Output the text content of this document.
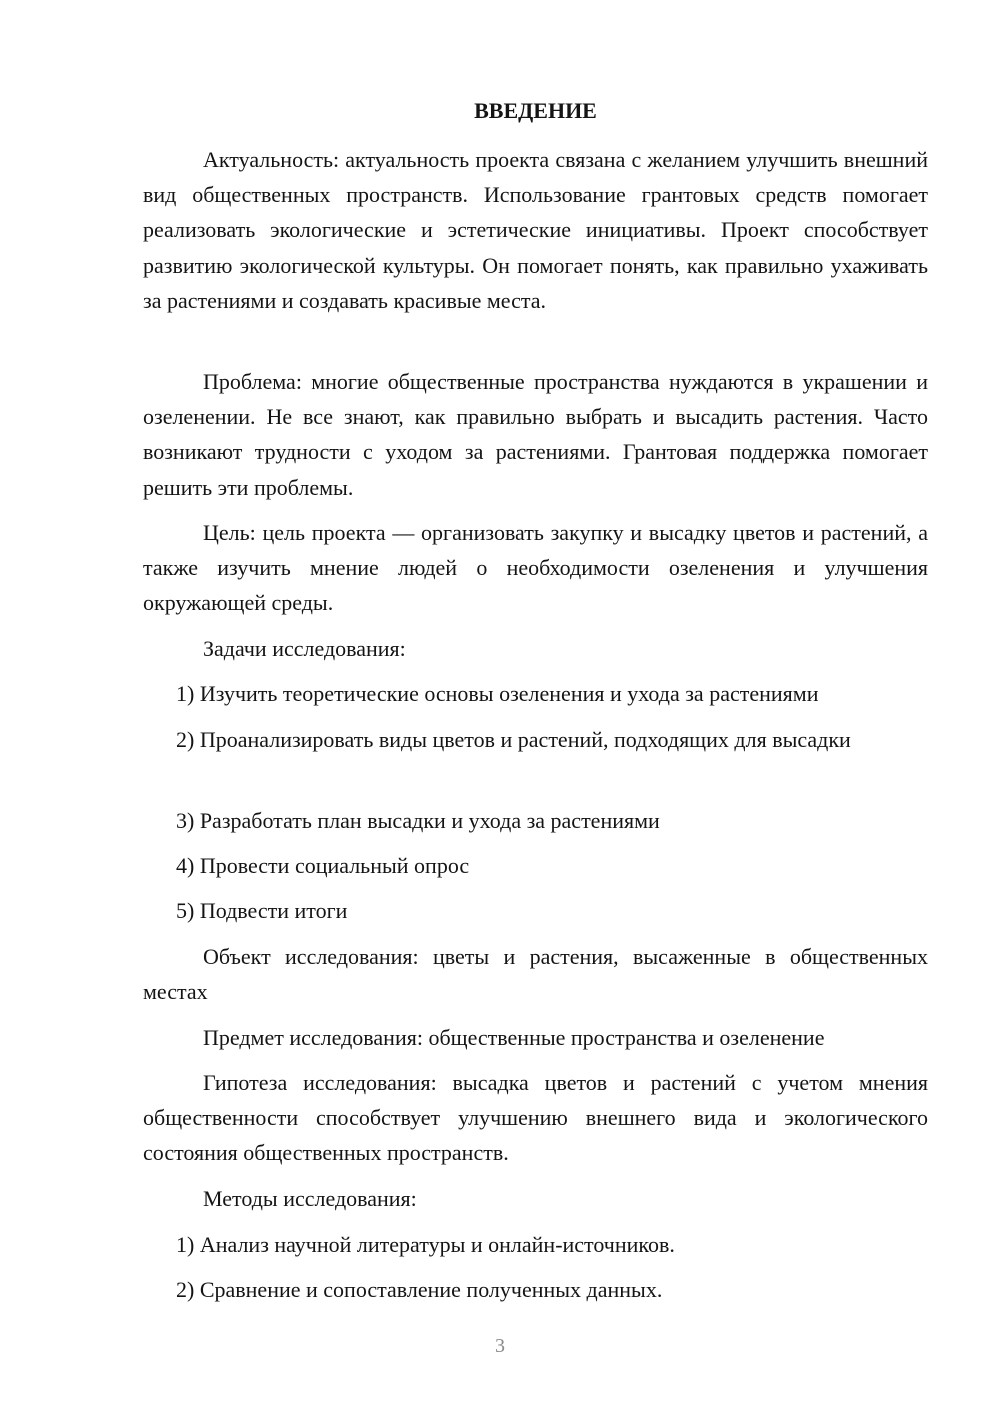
ВВЕДЕНИЕ

Актуальность: актуальность проекта связана с желанием улучшить внешний вид общественных пространств. Использование грантовых средств помогает реализовать экологические и эстетические инициативы. Проект способствует развитию экологической культуры. Он помогает понять, как правильно ухаживать за растениями и создавать красивые места.

Проблема: многие общественные пространства нуждаются в украшении и озеленении. Не все знают, как правильно выбрать и высадить растения. Часто возникают трудности с уходом за растениями. Грантовая поддержка помогает решить эти проблемы.

Цель: цель проекта — организовать закупку и высадку цветов и растений, а также изучить мнение людей о необходимости озеленения и улучшения окружающей среды.

Задачи исследования:

1) Изучить теоретические основы озеленения и ухода за растениями

2) Проанализировать виды цветов и растений, подходящих для высадки

3) Разработать план высадки и ухода за растениями

4) Провести социальный опрос

5) Подвести итоги

Объект исследования: цветы и растения, высаженные в общественных местах

Предмет исследования: общественные пространства и озеленение

Гипотеза исследования: высадка цветов и растений с учетом мнения общественности способствует улучшению внешнего вида и экологического состояния общественных пространств.

Методы исследования:

1) Анализ научной литературы и онлайн-источников.

2) Сравнение и сопоставление полученных данных.

3
